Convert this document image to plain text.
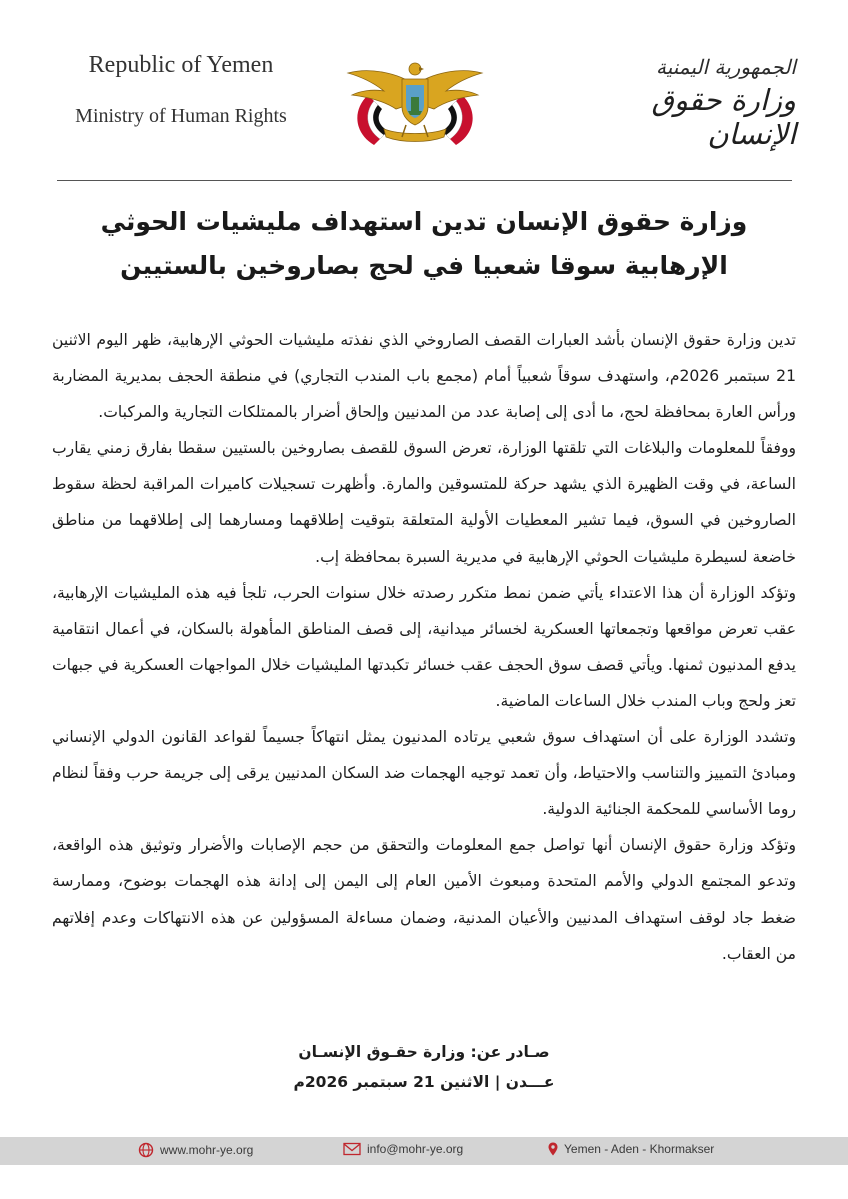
Republic of Yemen
Ministry of Human Rights
الجمهورية اليمنية
وزارة حقوق الإنسان
وزارة حقوق الإنسان تدين استهداف مليشيات الحوثي
الإرهابية سوقا شعبيا في لحج بصاروخين بالستيين

تدين وزارة حقوق الإنسان بأشد العبارات القصف الصاروخي الذي نفذته مليشيات الحوثي الإرهابية، ظهر اليوم الاثنين 21 سبتمبر 2026م، واستهدف سوقاً شعبياً أمام (مجمع باب المندب التجاري) في منطقة الحجف بمديرية المضاربة ورأس العارة بمحافظة لحج، ما أدى إلى إصابة عدد من المدنيين وإلحاق أضرار بالممتلكات التجارية والمركبات.

ووفقاً للمعلومات والبلاغات التي تلقتها الوزارة، تعرض السوق للقصف بصاروخين بالستيين سقطا بفارق زمني يقارب الساعة، في وقت الظهيرة الذي يشهد حركة للمتسوقين والمارة. وأظهرت تسجيلات كاميرات المراقبة لحظة سقوط الصاروخين في السوق، فيما تشير المعطيات الأولية المتعلقة بتوقيت إطلاقهما ومسارهما إلى إطلاقهما من مناطق خاضعة لسيطرة مليشيات الحوثي الإرهابية في مديرية السبرة بمحافظة إب.

وتؤكد الوزارة أن هذا الاعتداء يأتي ضمن نمط متكرر رصدته خلال سنوات الحرب، تلجأ فيه هذه المليشيات الإرهابية، عقب تعرض مواقعها وتجمعاتها العسكرية لخسائر ميدانية، إلى قصف المناطق المأهولة بالسكان، في أعمال انتقامية يدفع المدنيون ثمنها. ويأتي قصف سوق الحجف عقب خسائر تكبدتها المليشيات خلال المواجهات العسكرية في جبهات تعز ولحج وباب المندب خلال الساعات الماضية.

وتشدد الوزارة على أن استهداف سوق شعبي يرتاده المدنيون يمثل انتهاكاً جسيماً لقواعد القانون الدولي الإنساني ومبادئ التمييز والتناسب والاحتياط، وأن تعمد توجيه الهجمات ضد السكان المدنيين يرقى إلى جريمة حرب وفقاً لنظام روما الأساسي للمحكمة الجنائية الدولية.

وتؤكد وزارة حقوق الإنسان أنها تواصل جمع المعلومات والتحقق من حجم الإصابات والأضرار وتوثيق هذه الواقعة، وتدعو المجتمع الدولي والأمم المتحدة ومبعوث الأمين العام إلى اليمن إلى إدانة هذه الهجمات بوضوح، وممارسة ضغط جاد لوقف استهداف المدنيين والأعيان المدنية، وضمان مساءلة المسؤولين عن هذه الانتهاكات وعدم إفلاتهم من العقاب.

صـادر عن: وزارة حقـوق الإنسـان
عـــدن | الاثنين 21 سبتمبر 2026م
www.mohr-ye.org	info@mohr-ye.org	Yemen - Aden - Khormakser
